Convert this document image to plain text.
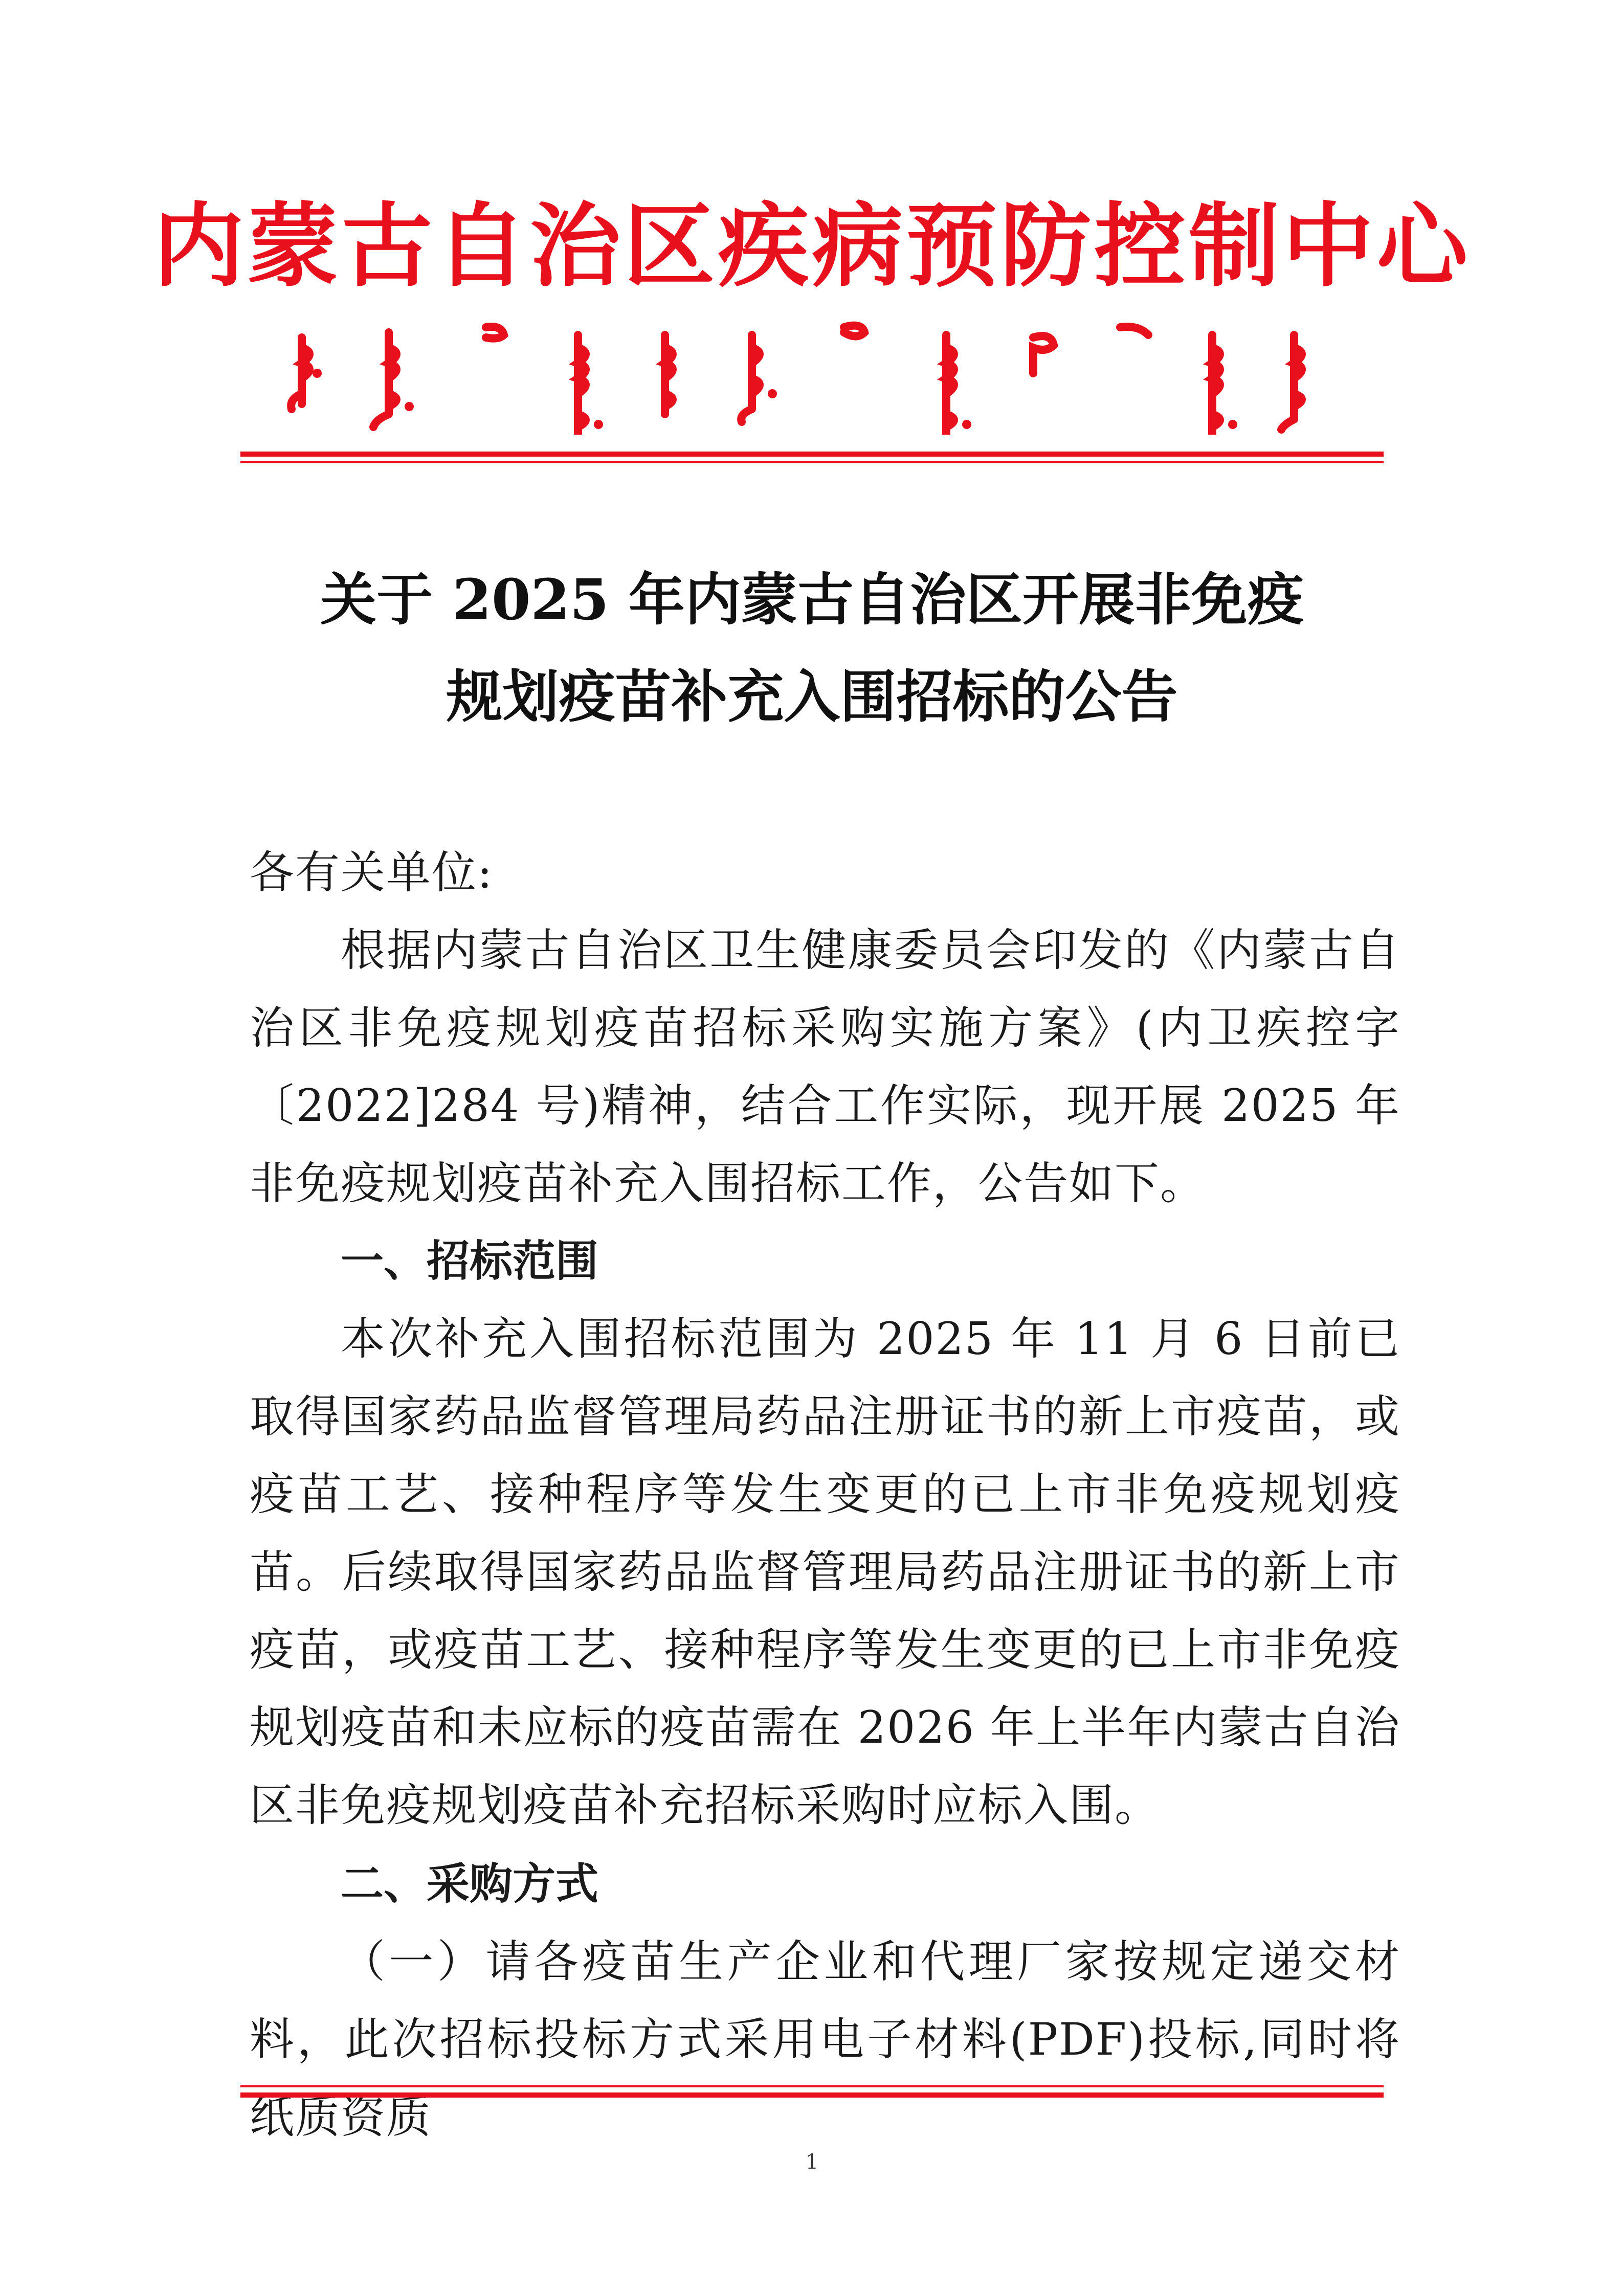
内蒙古自治区疾病预防控制中心
关于 2025 年内蒙古自治区开展非免疫
规划疫苗补充入围招标的公告

各有关单位:

根据内蒙古自治区卫生健康委员会印发的《内蒙古自治区非免疫规划疫苗招标采购实施方案》(内卫疾控字〔2022]284 号)精神，结合工作实际，现开展 2025 年非免疫规划疫苗补充入围招标工作，公告如下。

一、招标范围

本次补充入围招标范围为 2025 年 11 月 6 日前已取得国家药品监督管理局药品注册证书的新上市疫苗，或疫苗工艺、接种程序等发生变更的已上市非免疫规划疫苗。后续取得国家药品监督管理局药品注册证书的新上市疫苗，或疫苗工艺、接种程序等发生变更的已上市非免疫规划疫苗和未应标的疫苗需在 2026 年上半年内蒙古自治区非免疫规划疫苗补充招标采购时应标入围。

二、采购方式

（一）请各疫苗生产企业和代理厂家按规定递交材料，此次招标投标方式采用电子材料(PDF)投标,同时将纸质资质

1
